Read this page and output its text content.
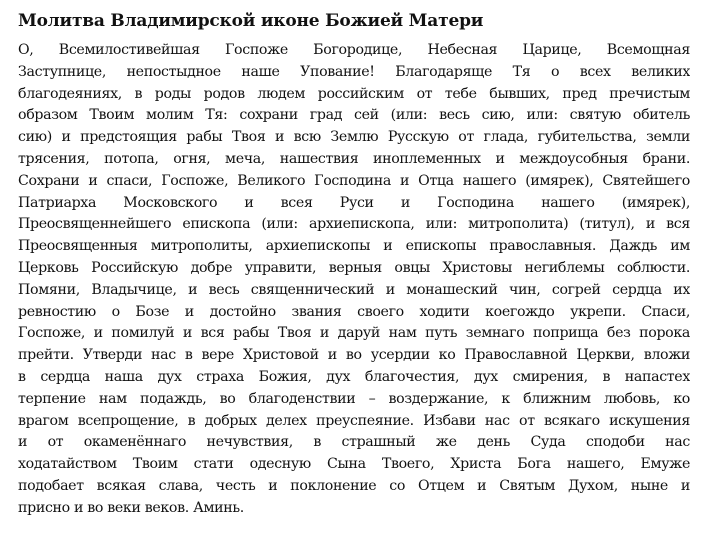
Молитва Владимирской иконе Божией Матери
О, Всемилостивейшая Госпоже Богородице, Небесная Царице, Всемощная
Заступнице, непостыдное наше Упование! Благодаряще Тя о всех великих
благодеяниях, в роды родов людем российским от тебе бывших, пред пречистым
образом Твоим молим Тя: сохрани град сей (или: весь сию, или: святую обитель
сию) и предстоящия рабы Твоя и всю Землю Русскую от глада, губительства, земли
трясения, потопа, огня, меча, нашествия иноплеменных и междоусобныя брани.
Сохрани и спаси, Госпоже, Великого Господина и Отца нашего (имярек), Святейшего
Патриарха Московского и всея Руси и Господина нашего (имярек),
Преосвященнейшего епископа (или: архиепископа, или: митрополита) (титул), и вся
Преосвященныя митрополиты, архиепископы и епископы православныя. Даждь им
Церковь Российскую добре управити, верныя овцы Христовы негиблемы соблюсти.
Помяни, Владычице, и весь священнический и монашеский чин, согрей сердца их
ревностию о Бозе и достойно звания своего ходити коегождо укрепи. Спаси,
Госпоже, и помилуй и вся рабы Твоя и даруй нам путь земнаго поприща без порока
прейти. Утверди нас в вере Христовой и во усердии ко Православной Церкви, вложи
в сердца наша дух страха Божия, дух благочестия, дух смирения, в напастех
терпение нам подаждь, во благоденствии – воздержание, к ближним любовь, ко
врагом всепрощение, в добрых делех преуспеяние. Избави нас от всякаго искушения
и от окаменённаго нечувствия, в страшный же день Суда сподоби нас
ходатайством Твоим стати одесную Сына Твоего, Христа Бога нашего, Емуже
подобает всякая слава, честь и поклонение со Отцем и Святым Духом, ныне и
присно и во веки веков. Аминь.
